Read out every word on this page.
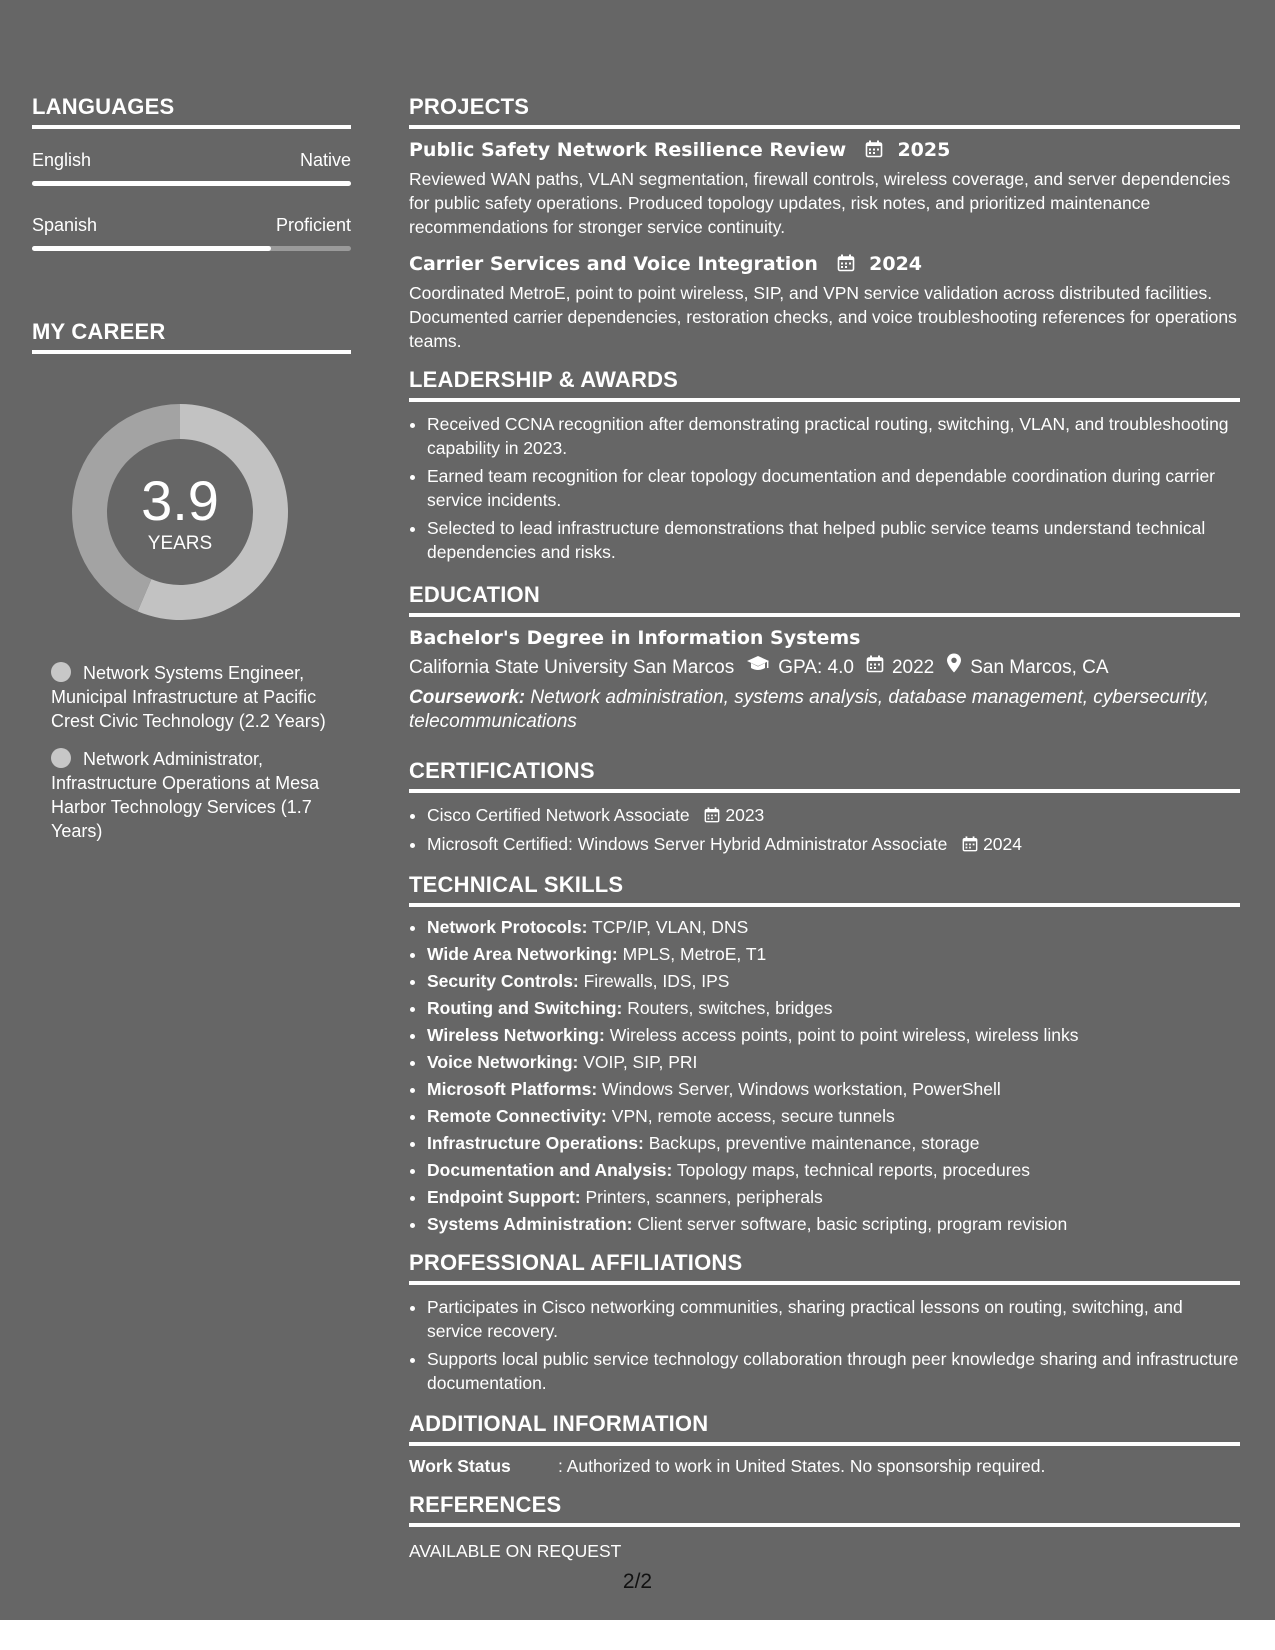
LANGUAGES
English	Native
Spanish	Proficient
MY CAREER
3.9
YEARS
Network Systems Engineer, Municipal Infrastructure at Pacific Crest Civic Technology (2.2 Years)
Network Administrator, Infrastructure Operations at Mesa Harbor Technology Services (1.7 Years)
PROJECTS
Public Safety Network Resilience Review	2025
Reviewed WAN paths, VLAN segmentation, firewall controls, wireless coverage, and server dependencies for public safety operations. Produced topology updates, risk notes, and prioritized maintenance recommendations for stronger service continuity.
Carrier Services and Voice Integration	2024
Coordinated MetroE, point to point wireless, SIP, and VPN service validation across distributed facilities. Documented carrier dependencies, restoration checks, and voice troubleshooting references for operations teams.
LEADERSHIP & AWARDS
• Received CCNA recognition after demonstrating practical routing, switching, VLAN, and troubleshooting capability in 2023.
• Earned team recognition for clear topology documentation and dependable coordination during carrier service incidents.
• Selected to lead infrastructure demonstrations that helped public service teams understand technical dependencies and risks.
EDUCATION
Bachelor's Degree in Information Systems
California State University San Marcos GPA: 4.0 2022 San Marcos, CA
Coursework: Network administration, systems analysis, database management, cybersecurity, telecommunications
CERTIFICATIONS
• Cisco Certified Network Associate 2023
• Microsoft Certified: Windows Server Hybrid Administrator Associate 2024
TECHNICAL SKILLS
• Network Protocols: TCP/IP, VLAN, DNS
• Wide Area Networking: MPLS, MetroE, T1
• Security Controls: Firewalls, IDS, IPS
• Routing and Switching: Routers, switches, bridges
• Wireless Networking: Wireless access points, point to point wireless, wireless links
• Voice Networking: VOIP, SIP, PRI
• Microsoft Platforms: Windows Server, Windows workstation, PowerShell
• Remote Connectivity: VPN, remote access, secure tunnels
• Infrastructure Operations: Backups, preventive maintenance, storage
• Documentation and Analysis: Topology maps, technical reports, procedures
• Endpoint Support: Printers, scanners, peripherals
• Systems Administration: Client server software, basic scripting, program revision
PROFESSIONAL AFFILIATIONS
• Participates in Cisco networking communities, sharing practical lessons on routing, switching, and service recovery.
• Supports local public service technology collaboration through peer knowledge sharing and infrastructure documentation.
ADDITIONAL INFORMATION
Work Status	: Authorized to work in United States. No sponsorship required.
REFERENCES
AVAILABLE ON REQUEST
2/2
